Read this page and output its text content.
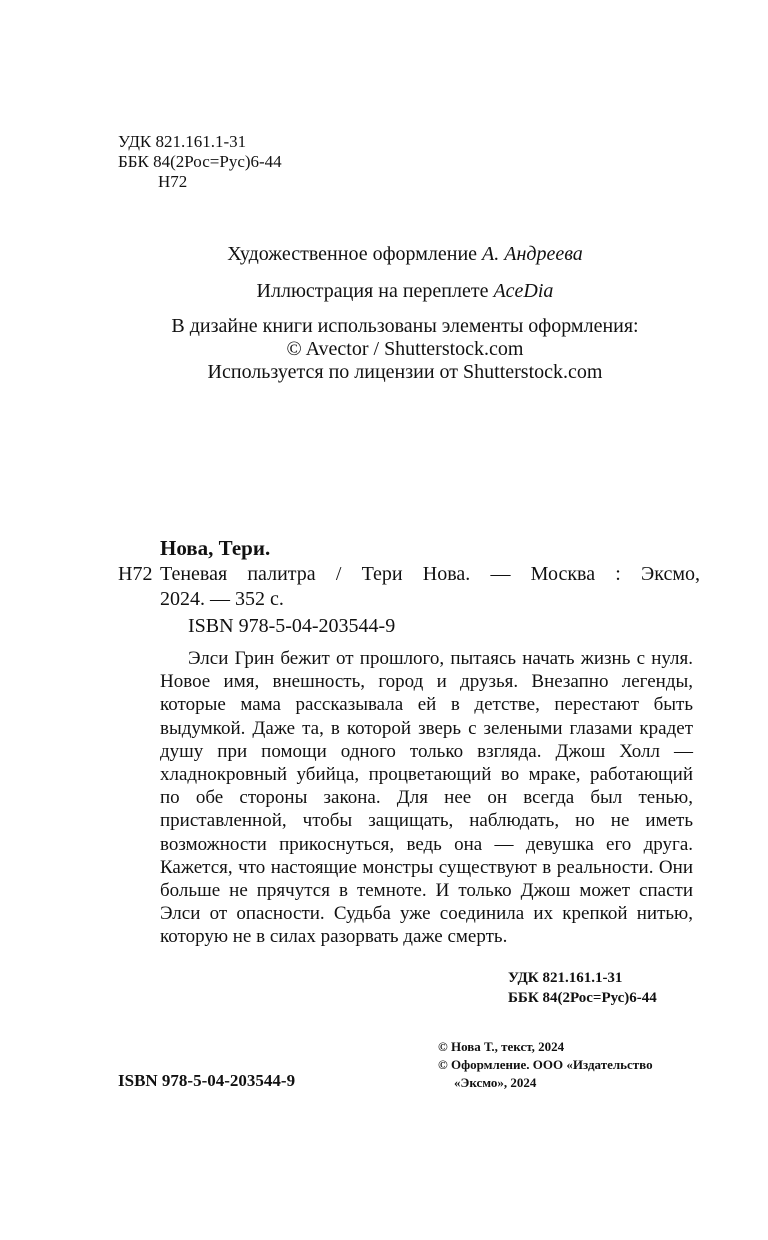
УДК 821.161.1-31
ББК 84(2Рос=Рус)6-44
Н72
Художественное оформление А. Андреева
Иллюстрация на переплете AceDia
В дизайне книги использованы элементы оформления:
© Avector / Shutterstock.com
Используется по лицензии от Shutterstock.com
Нова, Тери.
Н72 Теневая палитра / Тери Нова. — Москва : Эксмо,
2024. — 352 с.
ISBN 978-5-04-203544-9
Элси Грин бежит от прошлого, пытаясь начать жизнь с нуля. Новое имя, внешность, город и друзья. Внезапно легенды, которые мама рассказывала ей в детстве, перестают быть выдумкой. Даже та, в которой зверь с зелеными глазами крадет душу при помощи одного только взгляда. Джош Холл — хладнокровный убийца, процветающий во мраке, работающий по обе стороны закона. Для нее он всегда был тенью, приставленной, чтобы защищать, наблюдать, но не иметь возможности прикоснуться, ведь она — девушка его друга. Кажется, что настоящие монстры существуют в реальности. Они больше не прячутся в темноте. И только Джош может спасти Элси от опасности. Судьба уже соединила их крепкой нитью, которую не в силах разорвать даже смерть.
УДК 821.161.1-31
ББК 84(2Рос=Рус)6-44
© Нова Т., текст, 2024
© Оформление. ООО «Издательство
«Эксмо», 2024
ISBN 978-5-04-203544-9
